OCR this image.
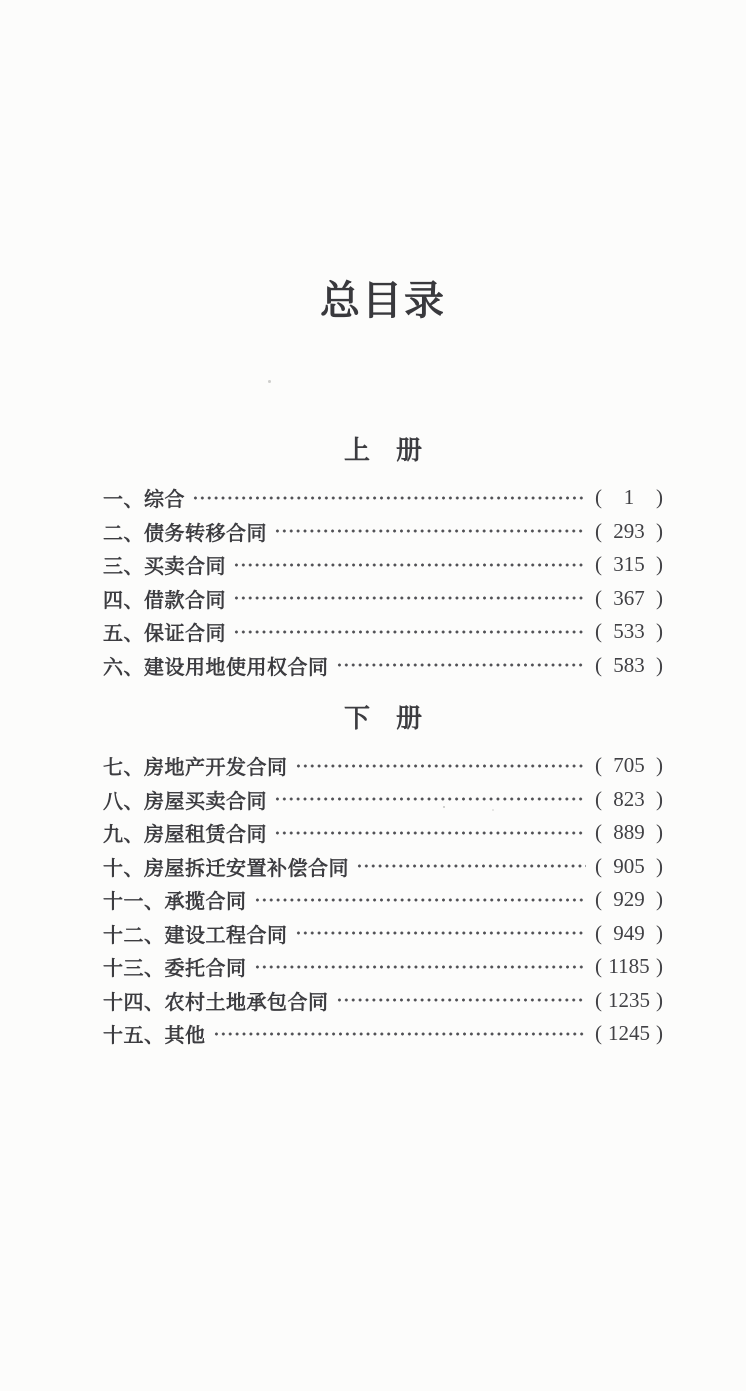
总目录
上　册
一、综合	( 1 )
二、债务转移合同	( 293 )
三、买卖合同	( 315 )
四、借款合同	( 367 )
五、保证合同	( 533 )
六、建设用地使用权合同	( 583 )
下　册
七、房地产开发合同	( 705 )
八、房屋买卖合同	( 823 )
九、房屋租赁合同	( 889 )
十、房屋拆迁安置补偿合同	( 905 )
十一、承揽合同	( 929 )
十二、建设工程合同	( 949 )
十三、委托合同	( 1185 )
十四、农村土地承包合同	( 1235 )
十五、其他	( 1245 )
